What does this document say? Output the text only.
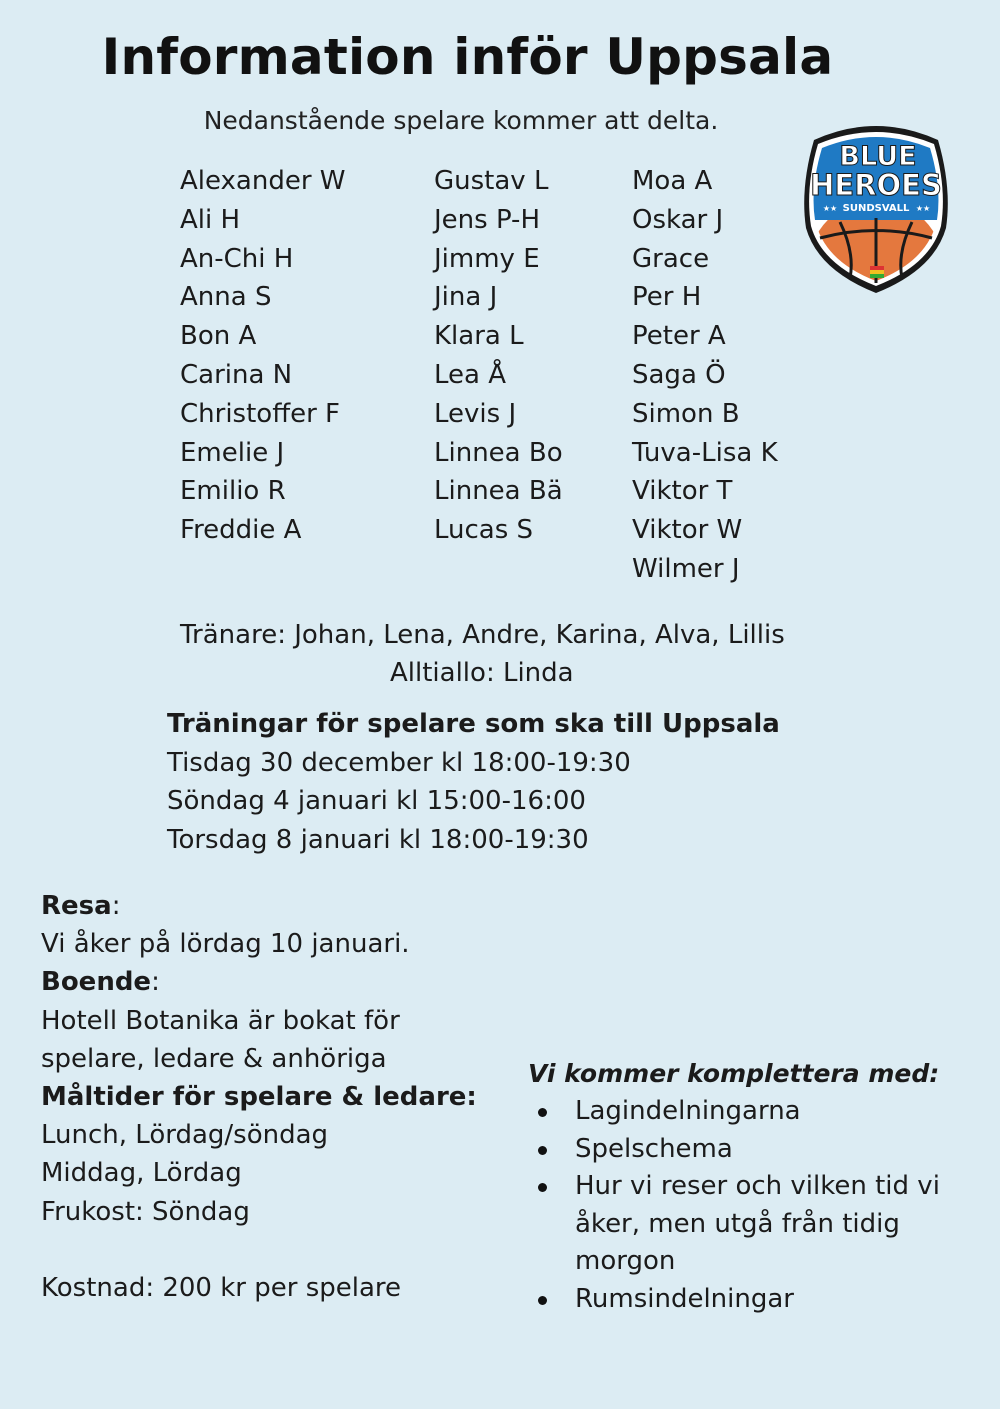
Information inför Uppsala
Nedanstående spelare kommer att delta.
BLUE
HEROES
SUNDSVALL
★★	★★
Alexander W
Ali H
An-Chi H
Anna S
Bon A
Carina N
Christoffer F
Emelie J
Emilio R
Freddie A
Gustav L
Jens P-H
Jimmy E
Jina J
Klara L
Lea Å
Levis J
Linnea Bo
Linnea Bä
Lucas S
Moa A
Oskar J
Grace
Per H
Peter A
Saga Ö
Simon B
Tuva-Lisa K
Viktor T
Viktor W
Wilmer J
Tränare: Johan, Lena, Andre, Karina, Alva, Lillis
Alltiallo: Linda
Träningar för spelare som ska till Uppsala
Tisdag 30 december kl 18:00-19:30
Söndag 4 januari kl 15:00-16:00
Torsdag 8 januari kl 18:00-19:30
Resa:
Vi åker på lördag 10 januari.
Boende:
Hotell Botanika är bokat för
spelare, ledare & anhöriga
Måltider för spelare & ledare:
Lunch, Lördag/söndag
Middag, Lördag
Frukost: Söndag
Kostnad: 200 kr per spelare
Vi kommer komplettera med:
Lagindelningarna
Spelschema
Hur vi reser och vilken tid vi åker, men utgå från tidig morgon
Rumsindelningar
